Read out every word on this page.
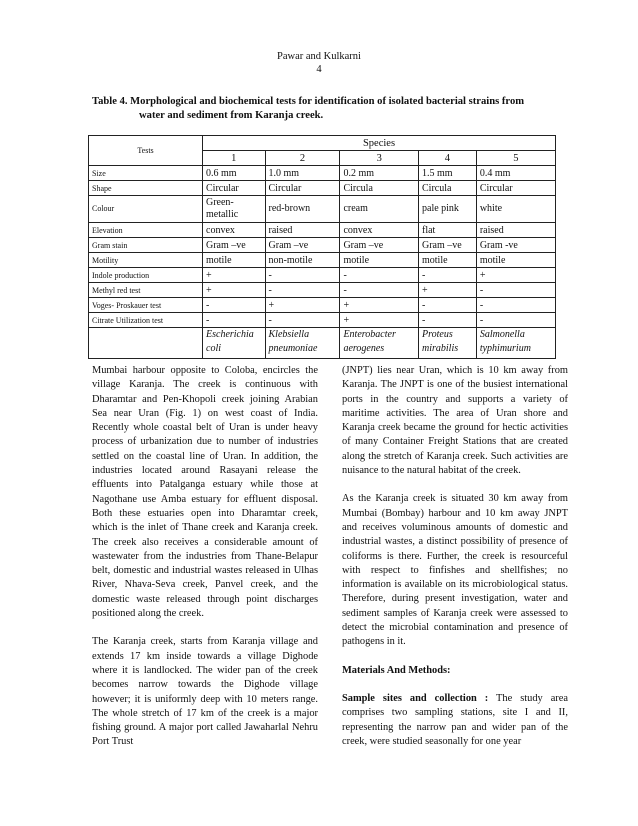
Pawar and Kulkarni
4
Table 4. Morphological and biochemical tests for identification of isolated bacterial strains from
water and sediment from Karanja creek.
Tests	Species				
	1	2	3	4	5
Size	0.6 mm	1.0 mm	0.2 mm	1.5 mm	0.4 mm
Shape	Circular	Circular	Circula	Circula	Circular
Colour	Green-metallic	red-brown	cream	pale pink	white
Elevation	convex	raised	convex	flat	raised
Gram stain	Gram –ve	Gram –ve	Gram –ve	Gram –ve	Gram -ve
Motility	motile	non-motile	motile	motile	motile
Indole production	+	-	-	-	+
Methyl red test	+	-	-	+	-
Voges- Proskauer test	-	+	+	-	-
Citrate Utilization test	-	-	+	-	-
	Escherichia coli	Klebsiella pneumoniae	Enterobacter aerogenes	Proteus mirabilis	Salmonella typhimurium

Mumbai harbour opposite to Coloba, encircles the village Karanja. The creek is continuous with Dharamtar and Pen-Khopoli creek joining Arabian Sea near Uran (Fig. 1) on west coast of India. Recently whole coastal belt of Uran is under heavy process of urbanization due to number of industries settled on the coastal line of Uran. In addition, the industries located around Rasayani release the effluents into Patalganga estuary while those at Nagothane use Amba estuary for effluent disposal. Both these estuaries open into Dharamtar creek, which is the inlet of Thane creek and Karanja creek. The creek also receives a considerable amount of wastewater from the industries from Thane-Belapur belt, domestic and industrial wastes released in Ulhas River, Nhava-Seva creek, Panvel creek, and the domestic waste released through point discharges positioned along the creek.

The Karanja creek, starts from Karanja village and extends 17 km inside towards a village Dighode where it is landlocked. The wider pan of the creek becomes narrow towards the Dighode village however; it is uniformly deep with 10 meters range. The whole stretch of 17 km of the creek is a major fishing ground. A major port called Jawaharlal Nehru Port Trust

(JNPT) lies near Uran, which is 10 km away from Karanja. The JNPT is one of the busiest international ports in the country and supports a variety of maritime activities. The area of Uran shore and Karanja creek became the ground for hectic activities of many Container Freight Stations that are created along the stretch of Karanja creek. Such activities are nuisance to the natural habitat of the creek.

As the Karanja creek is situated 30 km away from Mumbai (Bombay) harbour and 10 km away JNPT and receives voluminous amounts of domestic and industrial wastes, a distinct possibility of presence of coliforms is there. Further, the creek is resourceful with respect to finfishes and shellfishes; no information is available on its microbiological status. Therefore, during present investigation, water and sediment samples of Karanja creek were assessed to detect the microbial contamination and presence of pathogens in it.

Materials And Methods:

Sample sites and collection : The study area comprises two sampling stations, site I and II, representing the narrow pan and wider pan of the creek, were studied seasonally for one year
